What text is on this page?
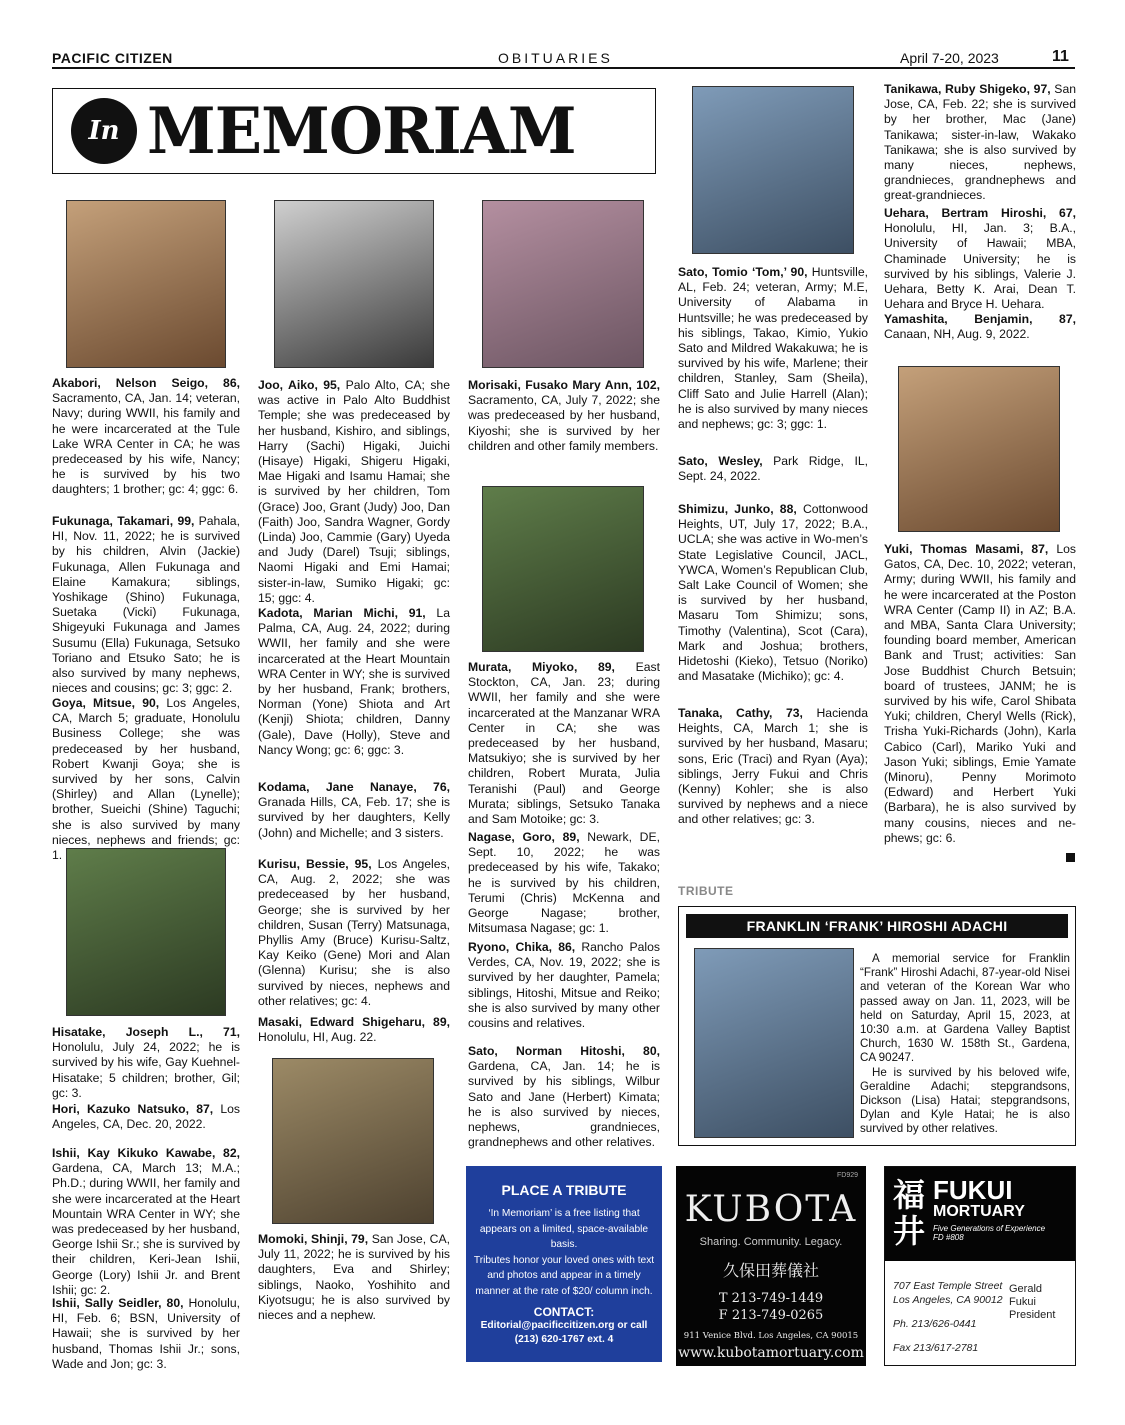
PACIFIC CITIZEN	OBITUARIES	April 7-20, 2023	11
In MEMORIAM
Akabori, Nelson Seigo, 86, Sacramento, CA, Jan. 14; veteran, Navy; during WWII, his family and he were incarcerated at the Tule Lake WRA Center in CA; he was predeceased by his wife, Nancy; he is survived by his two daughters; 1 brother; gc: 4; ggc: 6.
Fukunaga, Takamari, 99, Pahala, HI, Nov. 11, 2022; he is survived by his children, Alvin (Jackie) Fukunaga, Allen Fukunaga and Elaine Kamakura; siblings, Yoshikage (Shino) Fukunaga, Suetaka (Vicki) Fukunaga, Shigeyuki Fukunaga and James Susumu (Ella) Fukunaga, Setsuko Toriano and Etsuko Sato; he is also survived by many nephews, nieces and cousins; gc: 3; ggc: 2.
Goya, Mitsue, 90, Los Angeles, CA, March 5; graduate, Honolulu Business College; she was predeceased by her husband, Robert Kwanji Goya; she is survived by her sons, Calvin (Shirley) and Allan (Lynelle); brother, Sueichi (Shine) Taguchi; she is also survived by many nieces, nephews and friends; gc: 1.
Hisatake, Joseph L., 71, Honolulu, July 24, 2022; he is survived by his wife, Gay Kuehnel-Hisatake; 5 children; brother, Gil; gc: 3.
Hori, Kazuko Natsuko, 87, Los Angeles, CA, Dec. 20, 2022.
Ishii, Kay Kikuko Kawabe, 82, Gardena, CA, March 13; M.A.; Ph.D.; during WWII, her family and she were incarcerated at the Heart Mountain WRA Center in WY; she was predeceased by her husband, George Ishii Sr.; she is survived by their children, Keri-Jean Ishii, George (Lory) Ishii Jr. and Brent Ishii; gc: 2.
Ishii, Sally Seidler, 80, Honolulu, HI, Feb. 6; BSN, University of Hawaii; she is survived by her husband, Thomas Ishii Jr.; sons, Wade and Jon; gc: 3.
Joo, Aiko, 95, Palo Alto, CA; she was active in Palo Alto Buddhist Temple; she was predeceased by her husband, Kishiro, and siblings, Harry (Sachi) Higaki, Juichi (Hisaye) Higaki, Shigeru Higaki, Mae Higaki and Isamu Hamai; she is survived by her children, Tom (Grace) Joo, Grant (Judy) Joo, Dan (Faith) Joo, Sandra Wagner, Gordy (Linda) Joo, Cammie (Gary) Uyeda and Judy (Darel) Tsuji; siblings, Naomi Higaki and Emi Hamai; sister-in-law, Sumiko Higaki; gc: 15; ggc: 4.
Kadota, Marian Michi, 91, La Palma, CA, Aug. 24, 2022; during WWII, her family and she were incarcerated at the Heart Mountain WRA Center in WY; she is survived by her husband, Frank; brothers, Norman (Yone) Shiota and Art (Kenji) Shiota; children, Danny (Gale), Dave (Holly), Steve and Nancy Wong; gc: 6; ggc: 3.
Kodama, Jane Nanaye, 76, Granada Hills, CA, Feb. 17; she is survived by her daughters, Kelly (John) and Michelle; and 3 sisters.
Kurisu, Bessie, 95, Los Angeles, CA, Aug. 2, 2022; she was predeceased by her husband, George; she is survived by her children, Susan (Terry) Matsunaga, Phyllis Amy (Bruce) Kurisu-Saltz, Kay Keiko (Gene) Mori and Alan (Glenna) Kurisu; she is also survived by nieces, nephews and other relatives; gc: 4.
Masaki, Edward Shigeharu, 89, Honolulu, HI, Aug. 22.
Momoki, Shinji, 79, San Jose, CA, July 11, 2022; he is survived by his daughters, Eva and Shirley; siblings, Naoko, Yoshihito and Kiyotsugu; he is also survived by nieces and a nephew.
Morisaki, Fusako Mary Ann, 102, Sacramento, CA, July 7, 2022; she was predeceased by her husband, Kiyoshi; she is survived by her children and other family members.
Murata, Miyoko, 89, East Stockton, CA, Jan. 23; during WWII, her family and she were incarcerated at the Manzanar WRA Center in CA; she was predeceased by her husband, Matsukiyo; she is survived by her children, Robert Murata, Julia Teranishi (Paul) and George Murata; siblings, Setsuko Tanaka and Sam Motoike; gc: 3.
Nagase, Goro, 89, Newark, DE, Sept. 10, 2022; he was predeceased by his wife, Takako; he is survived by his children, Terumi (Chris) McKenna and George Nagase; brother, Mitsumasa Nagase; gc: 1.
Ryono, Chika, 86, Rancho Palos Verdes, CA, Nov. 19, 2022; she is survived by her daughter, Pamela; siblings, Hitoshi, Mitsue and Reiko; she is also survived by many other cousins and relatives.
Sato, Norman Hitoshi, 80, Gardena, CA, Jan. 14; he is survived by his siblings, Wilbur Sato and Jane (Herbert) Kimata; he is also survived by nieces, nephews, grandnieces, grandnephews and other relatives.
Sato, Tomio ‘Tom,’ 90, Huntsville, AL, Feb. 24; veteran, Army; M.E, University of Alabama in Huntsville; he was predeceased by his siblings, Takao, Kimio, Yukio Sato and Mildred Wakakuwa; he is survived by his wife, Marlene; their children, Stanley, Sam (Sheila), Cliff Sato and Julie Harrell (Alan); he is also survived by many nieces and nephews; gc: 3; ggc: 1.
Sato, Wesley, Park Ridge, IL, Sept. 24, 2022.
Shimizu, Junko, 88, Cottonwood Heights, UT, July 17, 2022; B.A., UCLA; she was active in Wo-men’s State Legislative Council, JACL, YWCA, Women’s Republican Club, Salt Lake Council of Women; she is survived by her husband, Masaru Tom Shimizu; sons, Timothy (Valentina), Scot (Cara), Mark and Joshua; brothers, Hidetoshi (Kieko), Tetsuo (Noriko) and Masatake (Michiko); gc: 4.
Tanaka, Cathy, 73, Hacienda Heights, CA, March 1; she is survived by her husband, Masaru; sons, Eric (Traci) and Ryan (Aya); siblings, Jerry Fukui and Chris (Kenny) Kohler; she is also survived by nephews and a niece and other relatives; gc: 3.
Tanikawa, Ruby Shigeko, 97, San Jose, CA, Feb. 22; she is survived by her brother, Mac (Jane) Tanikawa; sister-in-law, Wakako Tanikawa; she is also survived by many nieces, nephews, grandnieces, grandnephews and great-grandnieces.
Uehara, Bertram Hiroshi, 67, Honolulu, HI, Jan. 3; B.A., University of Hawaii; MBA, Chaminade University; he is survived by his siblings, Valerie J. Uehara, Betty K. Arai, Dean T. Uehara and Bryce H. Uehara.
Yamashita, Benjamin, 87, Canaan, NH, Aug. 9, 2022.
Yuki, Thomas Masami, 87, Los Gatos, CA, Dec. 10, 2022; veteran, Army; during WWII, his family and he were incarcerated at the Poston WRA Center (Camp II) in AZ; B.A. and MBA, Santa Clara University; founding board member, American Bank and Trust; activities: San Jose Buddhist Church Betsuin; board of trustees, JANM; he is survived by his wife, Carol Shibata Yuki; children, Cheryl Wells (Rick), Trisha Yuki-Richards (John), Karla Cabico (Carl), Mariko Yuki and Jason Yuki; siblings, Emie Yamate (Minoru), Penny Morimoto (Edward) and Herbert Yuki (Barbara), he is also survived by many cousins, nieces and ne-phews; gc: 6.
TRIBUTE
FRANKLIN ‘FRANK’ HIROSHI ADACHI

A memorial service for Franklin “Frank” Hiroshi Adachi, 87-year-old Nisei and veteran of the Korean War who passed away on Jan. 11, 2023, will be held on Saturday, April 15, 2023, at 10:30 a.m. at Gardena Valley Baptist Church, 1630 W. 158th St., Gardena, CA 90247.

He is survived by his beloved wife, Geraldine Adachi; stepgrandsons, Dickson (Lisa) Hatai; stepgrandsons, Dylan and Kyle Hatai; he is also survived by other relatives.

PLACE A TRIBUTE
‘In Memoriam’ is a free listing that appears on a limited, space-available basis.
Tributes honor your loved ones with text and photos and appear in a timely manner at the rate of $20/ column inch.
CONTACT:
Editorial@pacificcitizen.org or call (213) 620-1767 ext. 4
FD929
KUBOTA
Sharing. Community. Legacy.
久保田葬儀社
T 213-749-1449
F 213-749-0265
911 Venice Blvd. Los Angeles, CA 90015
www.kubotamortuary.com
福
井
FUKUI
MORTUARY
Five Generations of Experience
FD #808
707 East Temple Street
Los Angeles, CA 90012
Ph. 213/626-0441
Fax 213/617-2781
Gerald
Fukui
President
